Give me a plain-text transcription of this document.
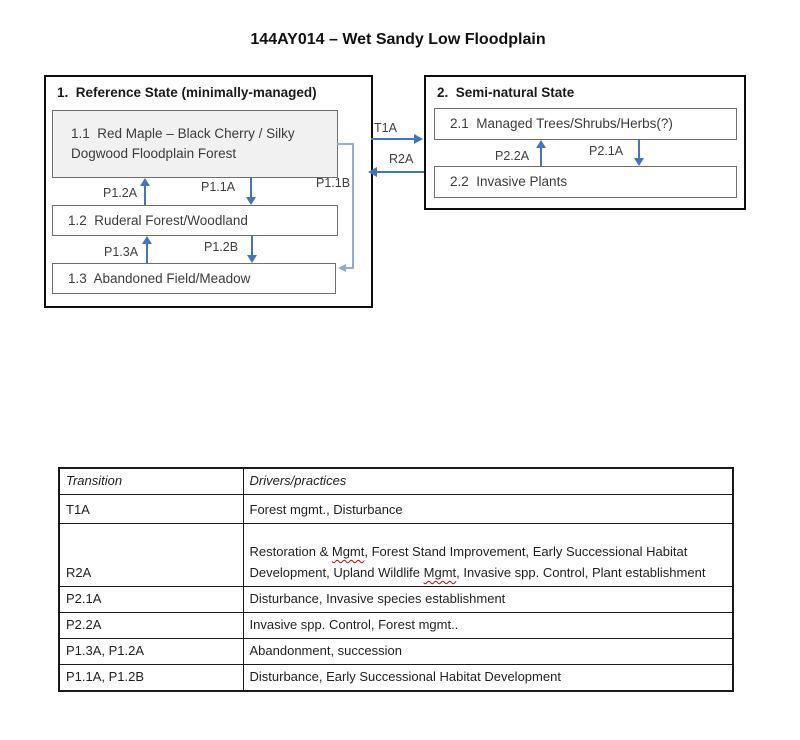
144AY014 – Wet Sandy Low Floodplain
1.  Reference State (minimally-managed)
1.1  Red Maple – Black Cherry / Silky Dogwood Floodplain Forest
1.2  Ruderal Forest/Woodland
1.3  Abandoned Field/Meadow
2.  Semi-natural State
2.1  Managed Trees/Shrubs/Herbs(?)
2.2  Invasive Plants
T1A
R2A
P1.2A	P1.1A	P1.1B
P1.3A	P1.2B
P2.2A	P2.1A
Transition	Drivers/practices
T1A	Forest mgmt., Disturbance
R2A	Restoration & Mgmt, Forest Stand Improvement, Early Successional Habitat Development, Upland Wildlife Mgmt, Invasive spp. Control, Plant establishment
P2.1A	Disturbance, Invasive species establishment
P2.2A	Invasive spp. Control, Forest mgmt..
P1.3A, P1.2A	Abandonment, succession
P1.1A, P1.2B	Disturbance, Early Successional Habitat Development
